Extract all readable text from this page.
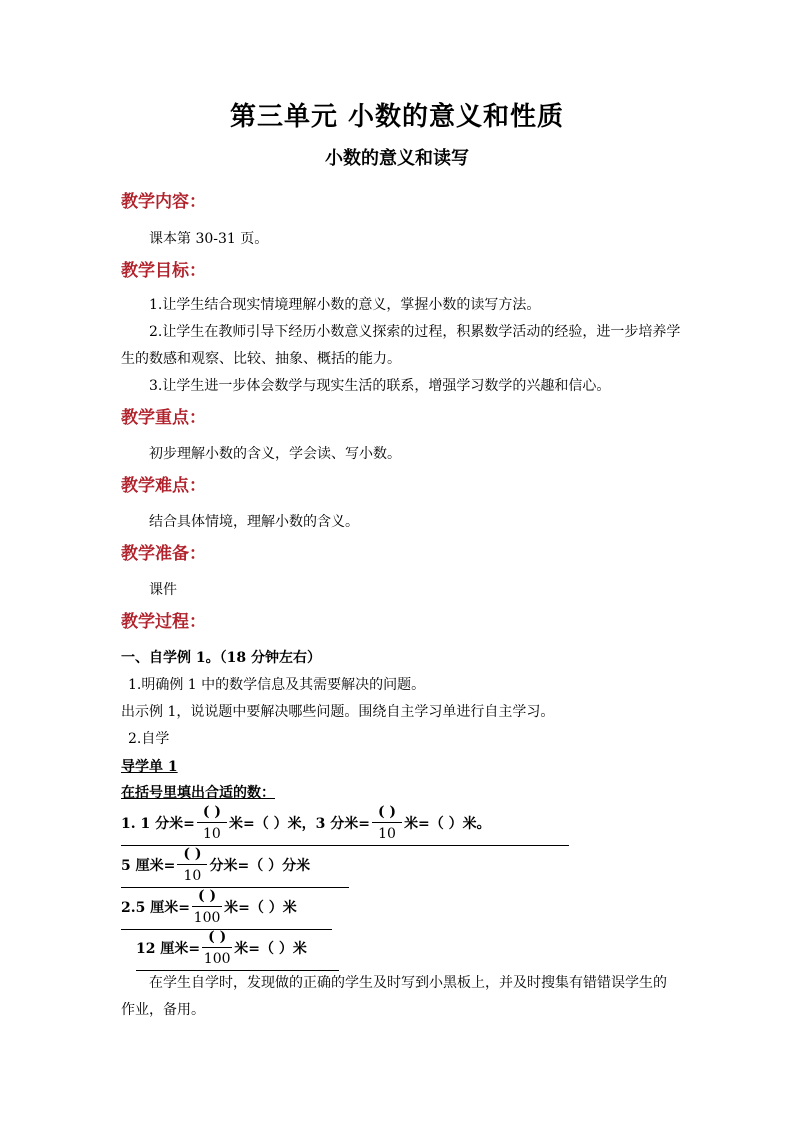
第三单元 小数的意义和性质
小数的意义和读写
教学内容：

课本第 30-31 页。

教学目标：

1.让学生结合现实情境理解小数的意义，掌握小数的读写方法。

2.让学生在教师引导下经历小数意义探索的过程，积累数学活动的经验，进一步培养学生的数感和观察、比较、抽象、概括的能力。

3.让学生进一步体会数学与现实生活的联系，增强学习数学的兴趣和信心。

教学重点：

初步理解小数的含义，学会读、写小数。

教学难点：

结合具体情境，理解小数的含义。

教学准备：

课件

教学过程：

一、自学例 1。（18 分钟左右）

1.明确例 1 中的数学信息及其需要解决的问题。

出示例 1，说说题中要解决哪些问题。围绕自主学习单进行自主学习。

2.自学

导学单 1

在括号里填出合适的数：

1. 1 分米= $\frac{( )}{10}$ 米=（ ）米， 3 分米= $\frac{( )}{10}$ 米=（ ）米。
5 厘米= $\frac{( )}{10}$ 分米=（ ）分米
2.5 厘米= $\frac{( )}{100}$ 米=（ ）米
12 厘米= $\frac{( )}{100}$ 米=（ ）米

在学生自学时，发现做的正确的学生及时写到小黑板上，并及时搜集有错错误学生的作业，备用。
